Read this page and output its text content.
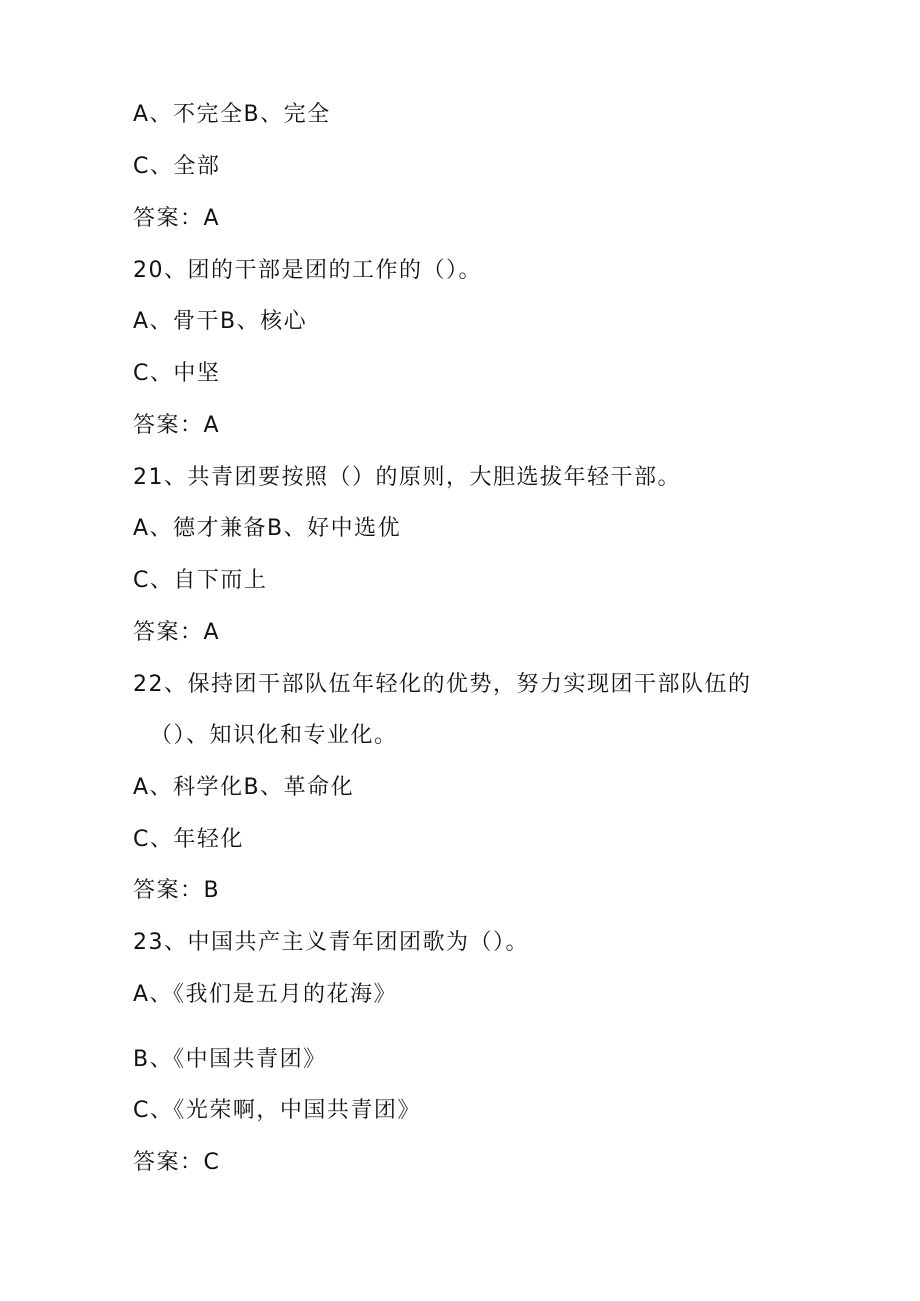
A、不完全B、完全
C、全部
答案：A
20、团的干部是团的工作的（）。
A、骨干B、核心
C、中坚
答案：A
21、共青团要按照（）的原则，大胆选拔年轻干部。
A、德才兼备B、好中选优
C、自下而上
答案：A
22、保持团干部队伍年轻化的优势，努力实现团干部队伍的
（）、知识化和专业化。
A、科学化B、革命化
C、年轻化
答案：B
23、中国共产主义青年团团歌为（）。
A、《我们是五月的花海》
B、《中国共青团》
C、《光荣啊，中国共青团》
答案：C
